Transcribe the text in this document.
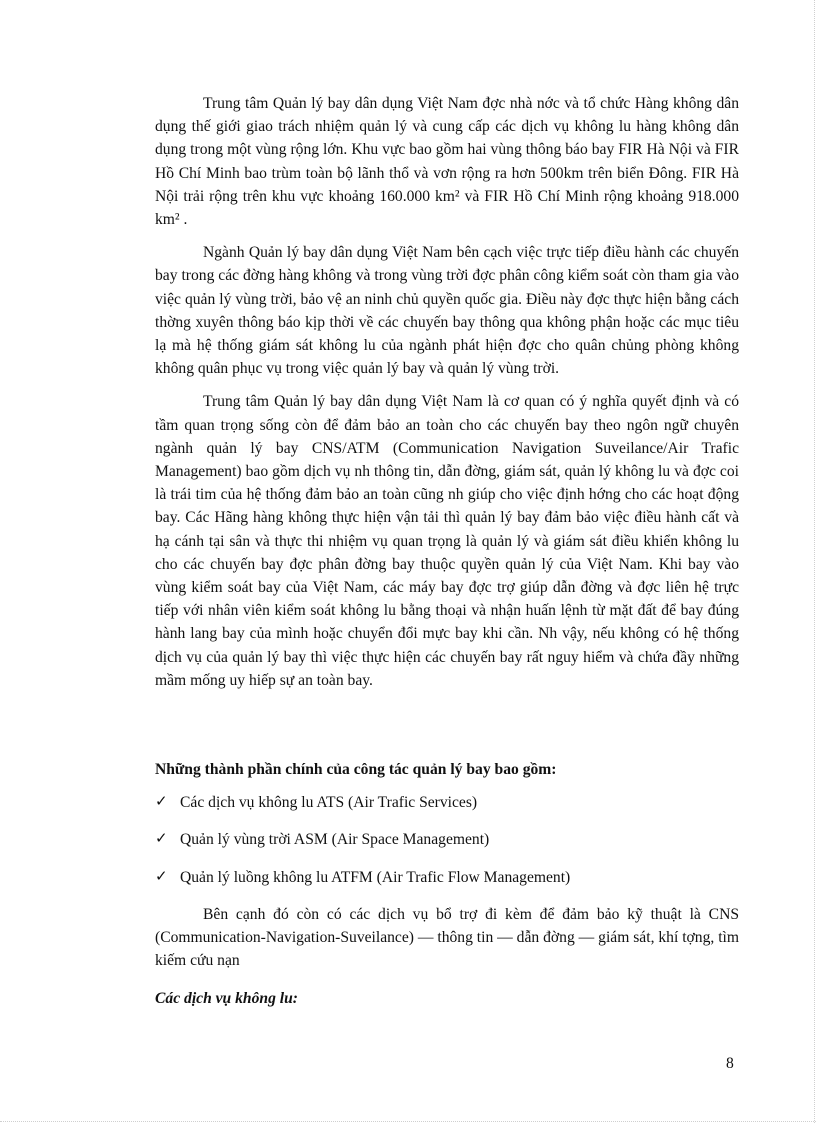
Trung tâm Quản lý bay dân dụng Việt Nam đợc nhà nớc và tổ chức Hàng không dân dụng thế giới giao trách nhiệm quản lý và cung cấp các dịch vụ không lu hàng không dân dụng trong một vùng rộng lớn. Khu vực bao gồm hai vùng thông báo bay FIR Hà Nội và FIR Hồ Chí Minh bao trùm toàn bộ lãnh thổ và vơn rộng ra hơn 500km trên biển Đông. FIR Hà Nội trải rộng trên khu vực khoảng 160.000 km² và FIR Hồ Chí Minh rộng khoảng 918.000 km² .

Ngành Quản lý bay dân dụng Việt Nam bên cạch việc trực tiếp điều hành các chuyến bay trong các đờng hàng không và trong vùng trời đợc phân công kiểm soát còn tham gia vào việc quản lý vùng trời, bảo vệ an ninh chủ quyền quốc gia. Điều này đợc thực hiện bằng cách thờng xuyên thông báo kịp thời về các chuyến bay thông qua không phận hoặc các mục tiêu lạ mà hệ thống giám sát không lu của ngành phát hiện đợc cho quân chủng phòng không không quân phục vụ trong việc quản lý bay và quản lý vùng trời.

Trung tâm Quản lý bay dân dụng Việt Nam là cơ quan có ý nghĩa quyết định và có tầm quan trọng sống còn để đảm bảo an toàn cho các chuyến bay theo ngôn ngữ chuyên ngành quản lý bay CNS/ATM (Communication Navigation Suveilance/Air Trafic Management) bao gồm dịch vụ nh thông tin, dẫn đờng, giám sát, quản lý không lu và đợc coi là trái tim của hệ thống đảm bảo an toàn cũng nh giúp cho việc định hớng cho các hoạt động bay. Các Hãng hàng không thực hiện vận tải thì quản lý bay đảm bảo việc điều hành cất và hạ cánh tại sân và thực thi nhiệm vụ quan trọng là quản lý và giám sát điều khiển không lu cho các chuyến bay đợc phân đờng bay thuộc quyền quản lý của Việt Nam. Khi bay vào vùng kiểm soát bay của Việt Nam, các máy bay đợc trợ giúp dẫn đờng và đợc liên hệ trực tiếp với nhân viên kiểm soát không lu bằng thoại và nhận huấn lệnh từ mặt đất để bay đúng hành lang bay của mình hoặc chuyển đổi mực bay khi cần. Nh vậy, nếu không có hệ thống dịch vụ của quản lý bay thì việc thực hiện các chuyến bay rất nguy hiểm và chứa đầy những mầm mống uy hiếp sự an toàn bay.

Những thành phần chính của công tác quản lý bay bao gồm:

✓ Các dịch vụ không lu ATS (Air Trafic Services)
✓ Quản lý vùng trời ASM (Air Space Management)
✓ Quản lý luồng không lu ATFM (Air Trafic Flow Management)

Bên cạnh đó còn có các dịch vụ bổ trợ đi kèm để đảm bảo kỹ thuật là CNS (Communication-Navigation-Suveilance) — thông tin — dẫn đờng — giám sát, khí tợng, tìm kiếm cứu nạn

Các dịch vụ không lu:

8
